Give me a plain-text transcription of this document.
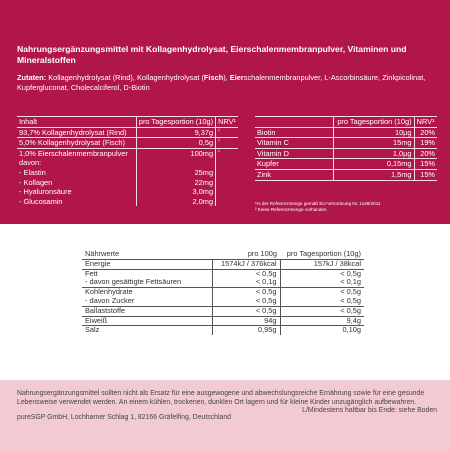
Nahrungsergänzungsmittel mit Kollagenhydrolysat, Eierschalenmembranpulver, Vitaminen und Mineralstoffen
Zutaten: Kollagenhydrolysat (Rind), Kollagenhydrolysat (Fisch), Eierschalenmembranpulver, L-Ascorbinsäure, Zinkpicolinat, Kupfergluconat, Cholecalciferol, D-Biotin
Inhalt	pro Tagesportion (10g)	NRV¹
93,7% Kollagenhydrolysat (Rind)	9,37g	$^{^2}$
5,0% Kollagenhydrolysat (Fisch)	0,5g	$^{^2}$
1,0% Eierschalenmembranpulver davon:	100mg	$^{^2}$
- Elastin	25mg	
- Kollagen	22mg	
- Hyaluronsäure	3,0mg	
- Glucosamin	2,0mg	
	pro Tagesportion (10g)	NRV¹
Biotin	10µg	20%
Vitamin C	15mg	19%
Vitamin D	1,0µg	20%
Kupfer	0,15mg	15%
Zink	1,5mg	15%
¹% der Referenzmenge gemäß EU-Verordnung Nr. 1169/2011
² Keine Referenzmenge vorhanden
Nährwerte	pro 100g	pro Tagesportion (10g)
Energie	1574kJ / 376kcal	157kJ / 38kcal
Fett	< 0,5g	< 0,5g
- davon gesättigte Fettsäuren	< 0,1g	< 0,1g
Kohlenhydrate	< 0,5g	< 0,5g
- davon Zucker	< 0,5g	< 0,5g
Ballaststoffe	< 0,5g	< 0,5g
Eiweiß	94g	9,4g
Salz	0,95g	0,10g
Nahrungsergänzungsmittel sollten nicht als Ersatz für eine ausgewogene und abwechslungsreiche Ernährung sowie für eine gesunde Lebensweise verwendet werden. An einem kühlen, trockenen, dunklen Ort lagern und für kleine Kinder unzugänglich aufbewahren.
L/Mindestens haltbar bis Ende: siehe Boden
pureSGP GmbH, Lochhamer Schlag 1, 82166 Gräfelfing, Deutschland
